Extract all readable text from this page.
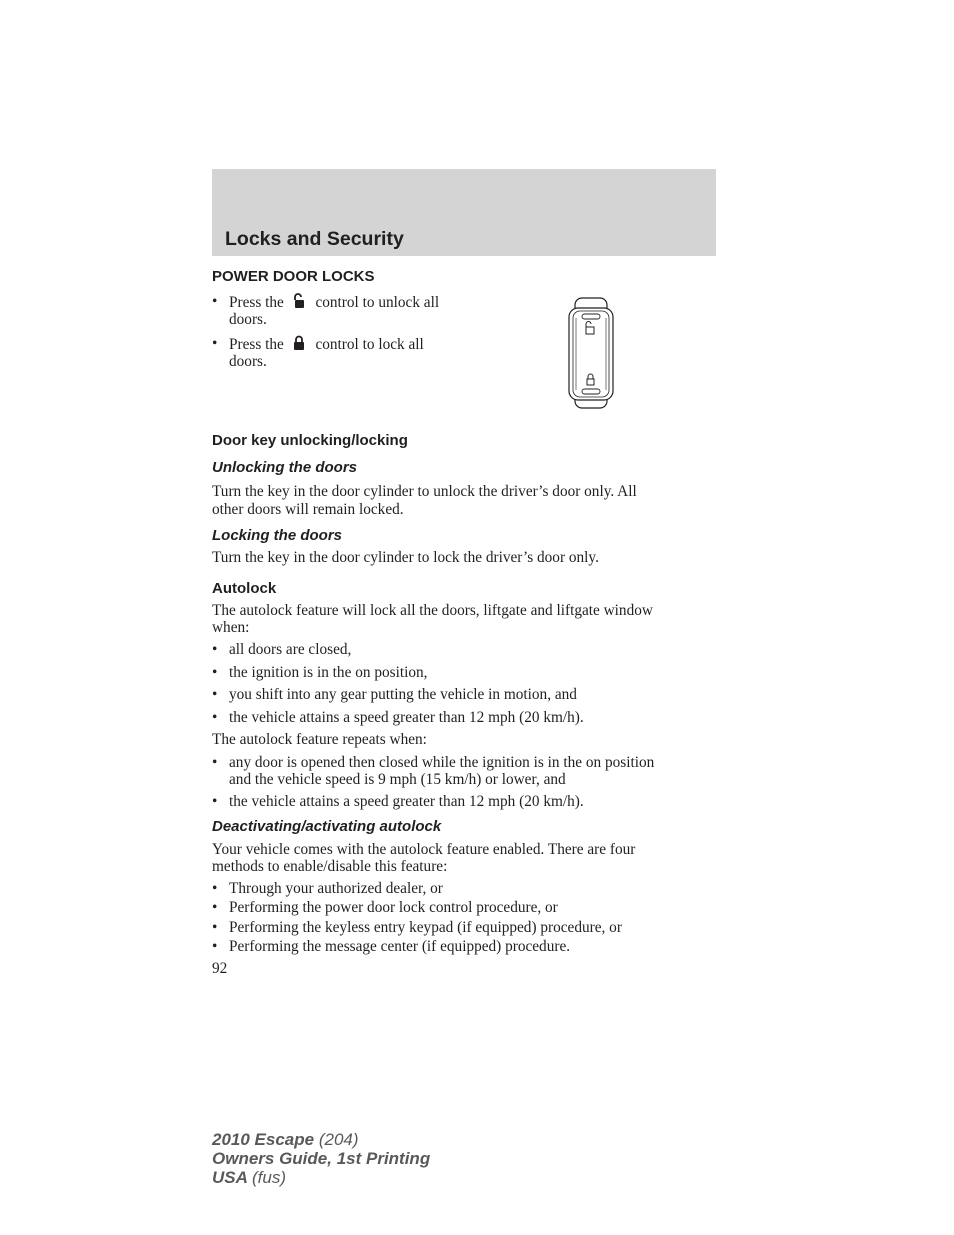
Locks and Security
POWER DOOR LOCKS
• Press the control to unlock all
doors.
• Press the control to lock all
doors.
Door key unlocking/locking
Unlocking the doors
Turn the key in the door cylinder to unlock the driver’s door only. All
other doors will remain locked.
Locking the doors
Turn the key in the door cylinder to lock the driver’s door only.
Autolock
The autolock feature will lock all the doors, liftgate and liftgate window
when:
• all doors are closed,
• the ignition is in the on position,
• you shift into any gear putting the vehicle in motion, and
• the vehicle attains a speed greater than 12 mph (20 km/h).
The autolock feature repeats when:
• any door is opened then closed while the ignition is in the on position
and the vehicle speed is 9 mph (15 km/h) or lower, and
• the vehicle attains a speed greater than 12 mph (20 km/h).
Deactivating/activating autolock
Your vehicle comes with the autolock feature enabled. There are four
methods to enable/disable this feature:
• Through your authorized dealer, or
• Performing the power door lock control procedure, or
• Performing the keyless entry keypad (if equipped) procedure, or
• Performing the message center (if equipped) procedure.
92
2010 Escape (204)
Owners Guide, 1st Printing
USA (fus)
